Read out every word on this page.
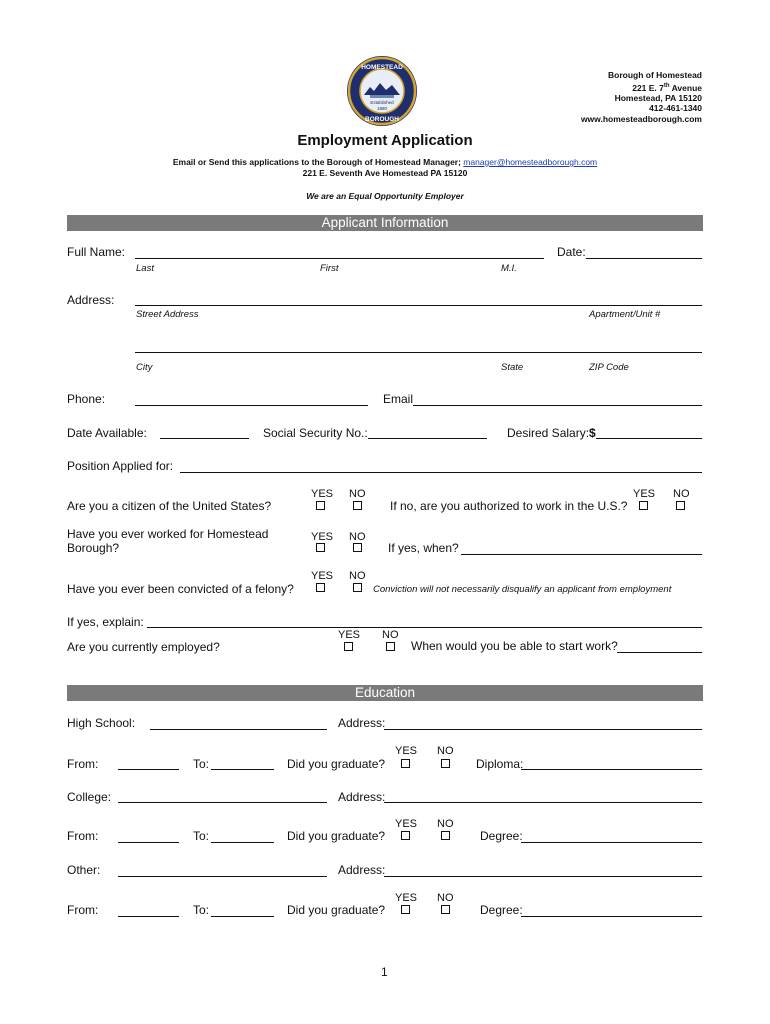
HOMESTEAD
BOROUGH
Established
1880
Borough of Homestead
221 E. 7th Avenue
Homestead, PA 15120
412-461-1340
www.homesteadborough.com
Employment Application
Email or Send this applications to the Borough of Homestead Manager; manager@homesteadborough.com
221 E. Seventh Ave Homestead PA 15120
We are an Equal Opportunity Employer
Applicant Information
Full Name:	Date:
Last	First	M.I.
Address:
Street Address	Apartment/Unit #
City	State	ZIP Code
Phone:	Email
Date Available:	Social Security No.:	Desired Salary:$
Position Applied for:
YES NO	YES NO
Are you a citizen of the United States?	If no, are you authorized to work in the U.S.?
Have you ever worked for Homestead
Borough?
YES NO
If yes, when?
YES NO
Have you ever been convicted of a felony?	Conviction will not necessarily disqualify an applicant from employment
If yes, explain:
YES NO
Are you currently employed?	When would you be able to start work?
Education
High School:	Address:
YES NO
From:	To:	Did you graduate?	Diploma:
College:	Address:
YES NO
From:	To:	Did you graduate?	Degree:
Other:	Address:
YES NO
From:	To:	Did you graduate?	Degree:
1
